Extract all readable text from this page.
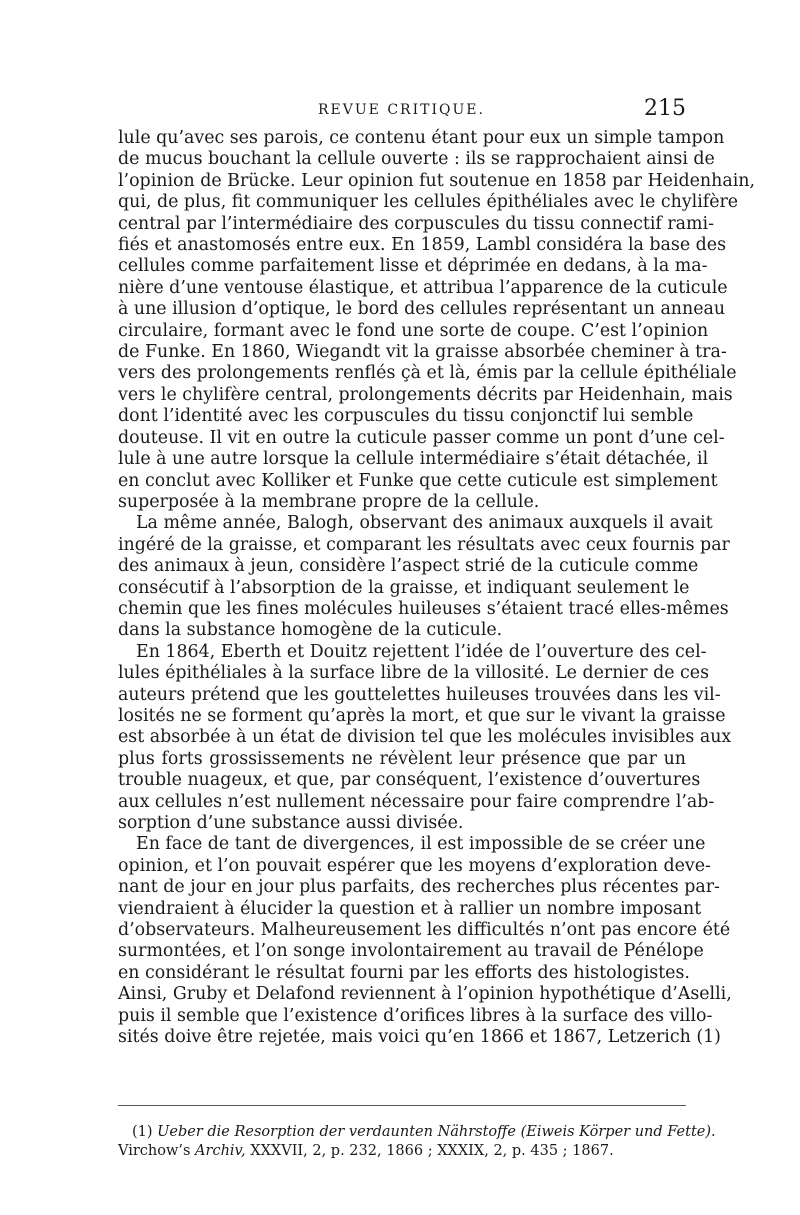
REVUE CRITIQUE.	215
lule qu’avec ses parois, ce contenu étant pour eux un simple tampon
de mucus bouchant la cellule ouverte : ils se rapprochaient ainsi de
l’opinion de Brücke. Leur opinion fut soutenue en 1858 par Heidenhain,
qui, de plus, fit communiquer les cellules épithéliales avec le chylifère
central par l’intermédiaire des corpuscules du tissu connectif rami-
fiés et anastomosés entre eux. En 1859, Lambl considéra la base des
cellules comme parfaitement lisse et déprimée en dedans, à la ma-
nière d’une ventouse élastique, et attribua l’apparence de la cuticule
à une illusion d’optique, le bord des cellules représentant un anneau
circulaire, formant avec le fond une sorte de coupe. C’est l’opinion
de Funke. En 1860, Wiegandt vit la graisse absorbée cheminer à tra-
vers des prolongements renflés çà et là, émis par la cellule épithéliale
vers le chylifère central, prolongements décrits par Heidenhain, mais
dont l’identité avec les corpuscules du tissu conjonctif lui semble
douteuse. Il vit en outre la cuticule passer comme un pont d’une cel-
lule à une autre lorsque la cellule intermédiaire s’était détachée, il
en conclut avec Kolliker et Funke que cette cuticule est simplement
superposée à la membrane propre de la cellule.
La même année, Balogh, observant des animaux auxquels il avait
ingéré de la graisse, et comparant les résultats avec ceux fournis par
des animaux à jeun, considère l’aspect strié de la cuticule comme
consécutif à l’absorption de la graisse, et indiquant seulement le
chemin que les fines molécules huileuses s’étaient tracé elles-mêmes
dans la substance homogène de la cuticule.
En 1864, Eberth et Douitz rejettent l’idée de l’ouverture des cel-
lules épithéliales à la surface libre de la villosité. Le dernier de ces
auteurs prétend que les gouttelettes huileuses trouvées dans les vil-
losités ne se forment qu’après la mort, et que sur le vivant la graisse
est absorbée à un état de division tel que les molécules invisibles aux
plus forts grossissements ne révèlent leur présence que par un
trouble nuageux, et que, par conséquent, l’existence d’ouvertures
aux cellules n’est nullement nécessaire pour faire comprendre l’ab-
sorption d’une substance aussi divisée.
En face de tant de divergences, il est impossible de se créer une
opinion, et l’on pouvait espérer que les moyens d’exploration deve-
nant de jour en jour plus parfaits, des recherches plus récentes par-
viendraient à élucider la question et à rallier un nombre imposant
d’observateurs. Malheureusement les difficultés n’ont pas encore été
surmontées, et l’on songe involontairement au travail de Pénélope
en considérant le résultat fourni par les efforts des histologistes.
Ainsi, Gruby et Delafond reviennent à l’opinion hypothétique d’Aselli,
puis il semble que l’existence d’orifices libres à la surface des villo-
sités doive être rejetée, mais voici qu’en 1866 et 1867, Letzerich (1)
(1) Ueber die Resorption der verdaunten Nährstoffe (Eiweis Körper und Fette).
Virchow’s Archiv, XXXVII, 2, p. 232, 1866 ; XXXIX, 2, p. 435 ; 1867.
